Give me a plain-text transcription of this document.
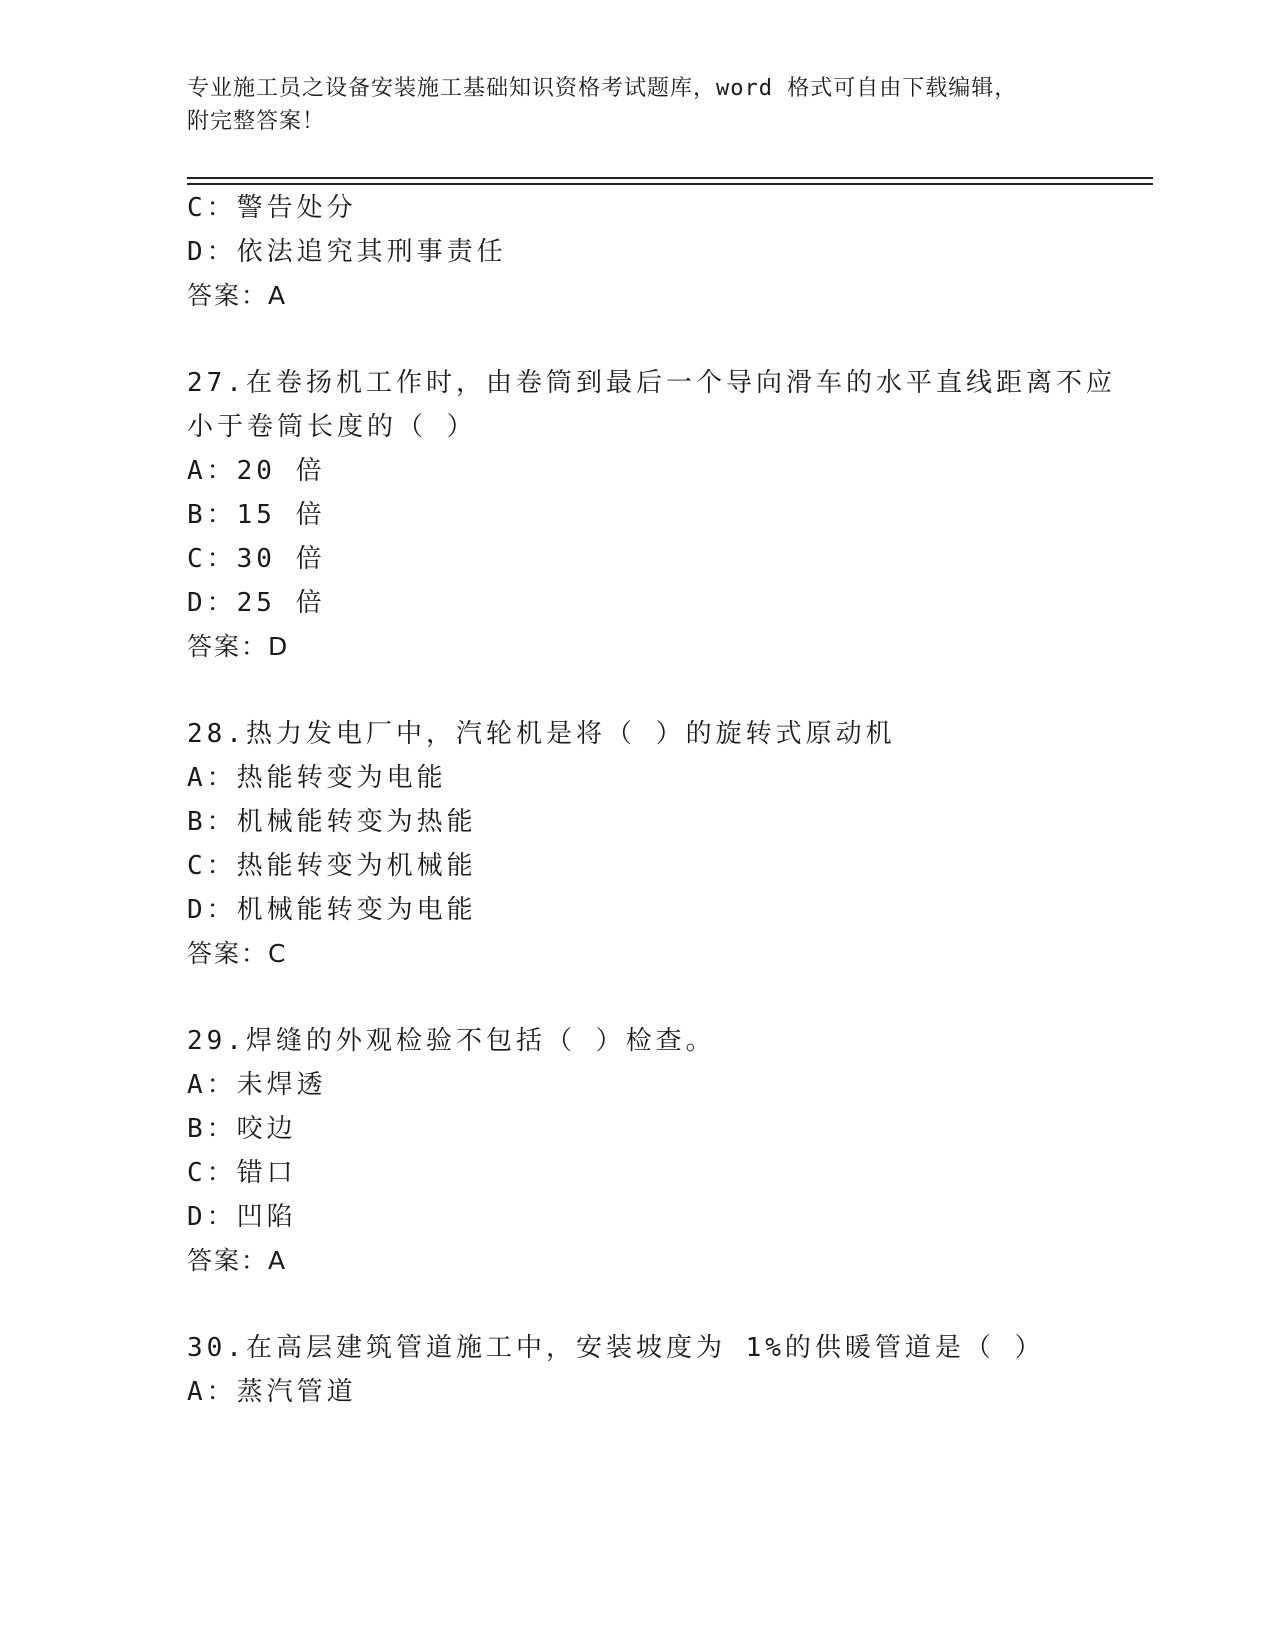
专业施工员之设备安装施工基础知识资格考试题库，word 格式可自由下载编辑，
附完整答案！
C：警告处分
D：依法追究其刑事责任
答案：A
27.在卷扬机工作时，由卷筒到最后一个导向滑车的水平直线距离不应
小于卷筒长度的（ ）
A：20 倍
B：15 倍
C：30 倍
D：25 倍
答案：D
28.热力发电厂中，汽轮机是将（ ）的旋转式原动机
A：热能转变为电能
B：机械能转变为热能
C：热能转变为机械能
D：机械能转变为电能
答案：C
29.焊缝的外观检验不包括（ ）检查。
A：未焊透
B：咬边
C：错口
D：凹陷
答案：A
30.在高层建筑管道施工中，安装坡度为 1%的供暖管道是（ ）
A：蒸汽管道
